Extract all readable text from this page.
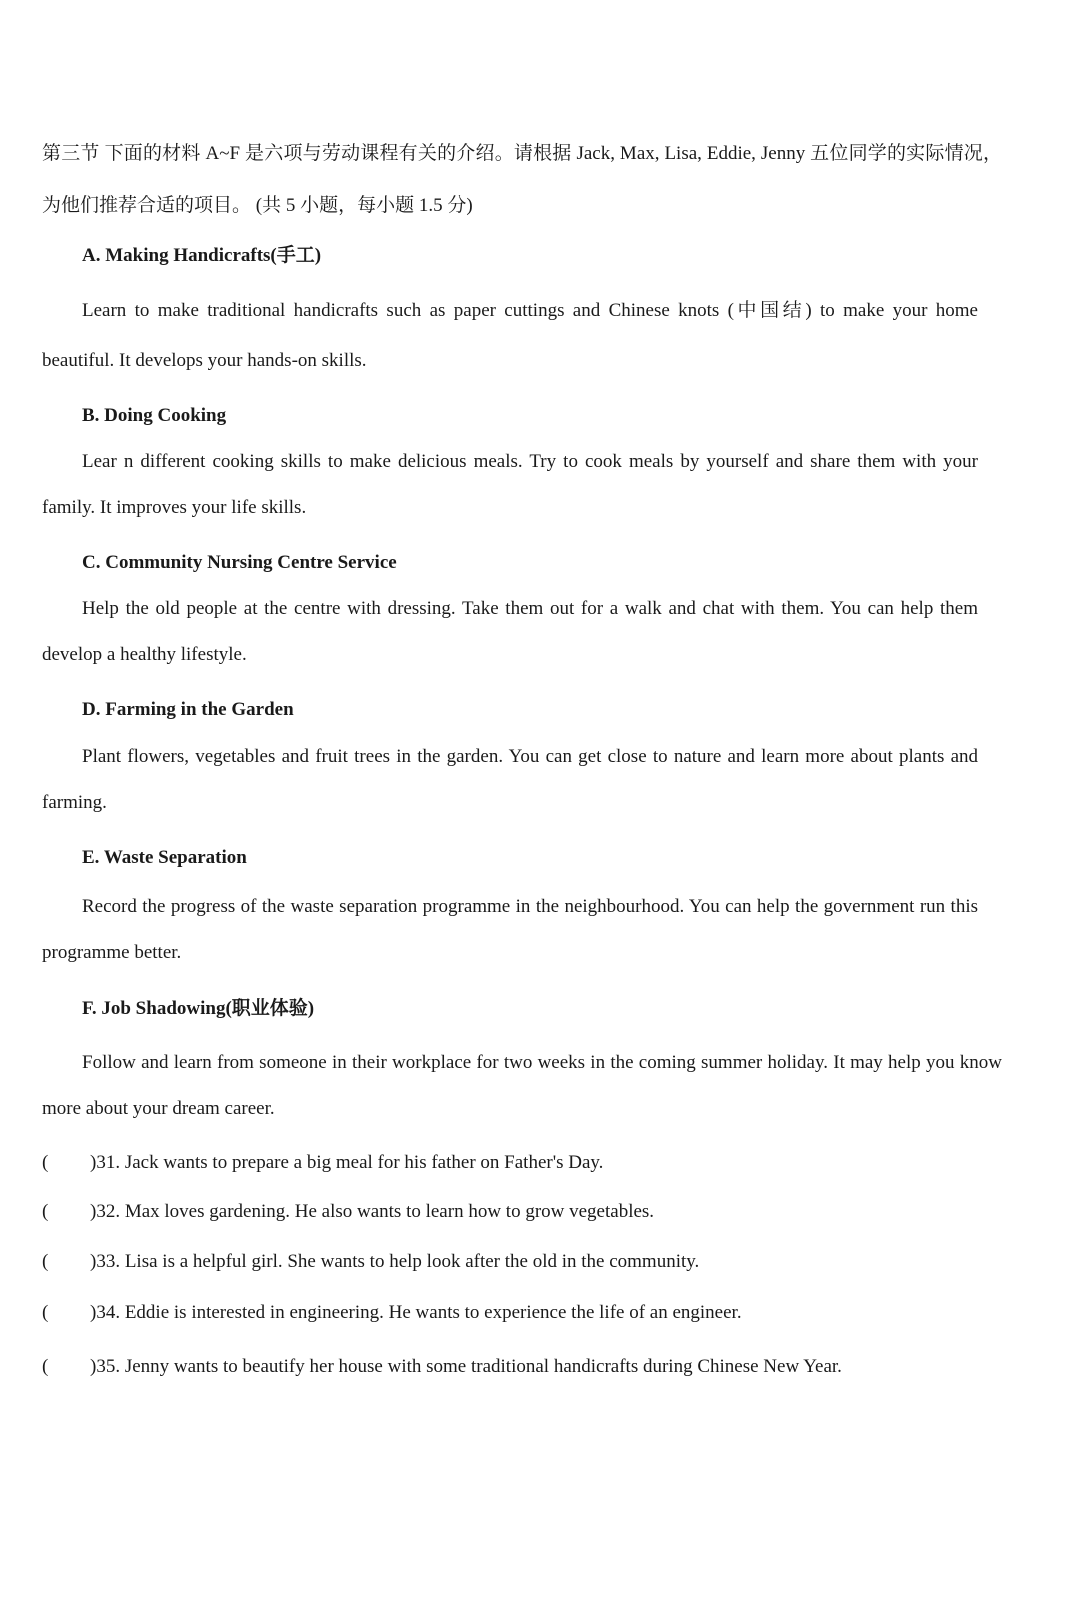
第三节 下面的材料 A~F 是六项与劳动课程有关的介绍。请根据 Jack, Max, Lisa, Eddie, Jenny 五位同学的实际情况，为他们推荐合适的项目。 (共 5 小题，每小题 1.5 分)

A. Making Handicrafts(手工)

Learn to make traditional handicrafts such as paper cuttings and Chinese knots (中国结) to make your home beautiful. It develops your hands-on skills.

B. Doing Cooking

Lear n different cooking skills to make delicious meals. Try to cook meals by yourself and share them with your family. It improves your life skills.

C. Community Nursing Centre Service

Help the old people at the centre with dressing. Take them out for a walk and chat with them. You can help them develop a healthy lifestyle.

D. Farming in the Garden

Plant flowers, vegetables and fruit trees in the garden. You can get close to nature and learn more about plants and farming.

E. Waste Separation

Record the progress of the waste separation programme in the neighbourhood. You can help the government run this programme better.

F. Job Shadowing(职业体验)

Follow and learn from someone in their workplace for two weeks in the coming summer holiday. It may help you know more about your dream career.

( )31. Jack wants to prepare a big meal for his father on Father's Day.

( )32. Max loves gardening. He also wants to learn how to grow vegetables.

( )33. Lisa is a helpful girl. She wants to help look after the old in the community.

( )34. Eddie is interested in engineering. He wants to experience the life of an engineer.

( )35. Jenny wants to beautify her house with some traditional handicrafts during Chinese New Year.
